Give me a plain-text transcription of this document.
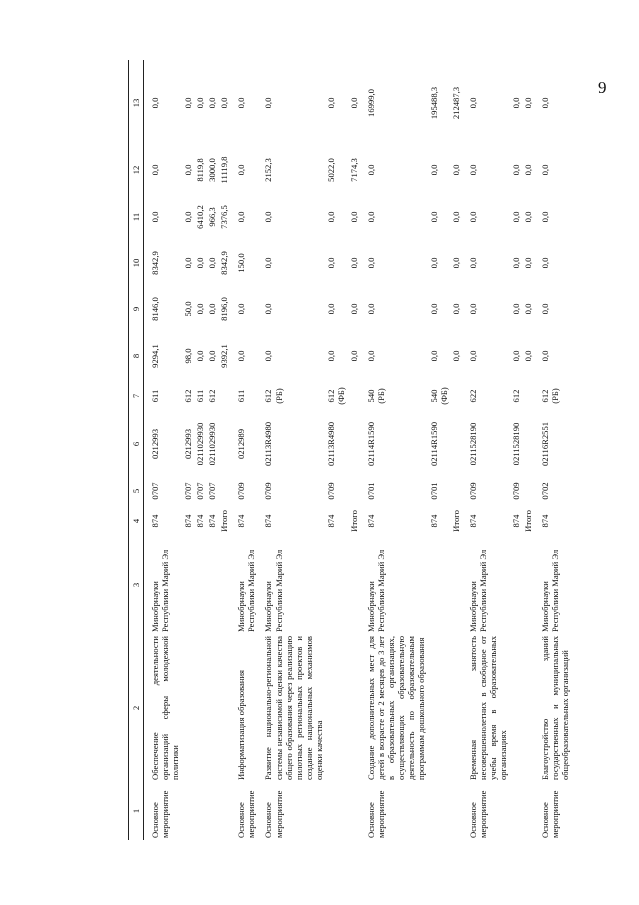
9
1	2	3	4	5	6	7	8	9	10	11	12	13
Основное мероприятие	Обеспечение деятельности организаций сферы молодежной политики	Минобрнауки Республики Марий Эл	874	0707	0212993	611	9294,1	8146,0	8342,9	0,0	0,0	0,0
			874	0707	0212993	612	98,0	50,0	0,0	0,0	0,0	0,0
			874	0707	0211029930	611	0,0	0,0	0,0	6410,2	8119,8	0,0
			874	0707	0211029930	612	0,0	0,0	0,0	966,3	3000,0	0,0
			Итого				9392,1	8196,0	8342,9	7376,5	11119,8	0,0
Основное мероприятие	Информатизация образования	Минобрнауки Республики Марий Эл	874	0709	0212989	611	0,0	0,0	150,0	0,0	0,0	0,0
Основное мероприятие	Развитие национально-региональной системы независимой оценки качества общего образования через реализацию пилотных региональных проектов и создание национальных механизмов оценки качества	Минобрнауки Республики Марий Эл	874	0709	02113R4980	612 (РБ)	0,0	0,0	0,0	0,0	2152,3	0,0
			874	0709	02113R4980	612 (ФБ)	0,0	0,0	0,0	0,0	5022,0	0,0
			Итого				0,0	0,0	0,0	0,0	7174,3	0,0
Основное мероприятие	Создание дополнительных мест для детей в возрасте от 2 месяцев до 3 лет в образовательных организациях, осуществляющих образовательную деятельность по образовательным программам дошкольного образования	Минобрнауки Республики Марий Эл	874	0701	02114R1590	540 (РБ)	0,0	0,0	0,0	0,0	0,0	16999,0
			874	0701	02114R1590	540 (ФБ)	0,0	0,0	0,0	0,0	0,0	195488,3
			Итого				0,0	0,0	0,0	0,0	0,0	212487,3
Основное мероприятие	Временная занятость несовершеннолетних в свободное от учебы время в образовательных организациях	Минобрнауки Республики Марий Эл	874	0709	0211528190	622	0,0	0,0	0,0	0,0	0,0	0,0
			874	0709	0211528190	612	0,0	0,0	0,0	0,0	0,0	0,0
			Итого				0,0	0,0	0,0	0,0	0,0	0,0
Основное мероприятие	Благоустройство зданий государственных и муниципальных общеобразовательных организаций	Минобрнауки Республики Марий Эл	874	0702	02116R2551	612 (РБ)	0,0	0,0	0,0	0,0	0,0	0,0
